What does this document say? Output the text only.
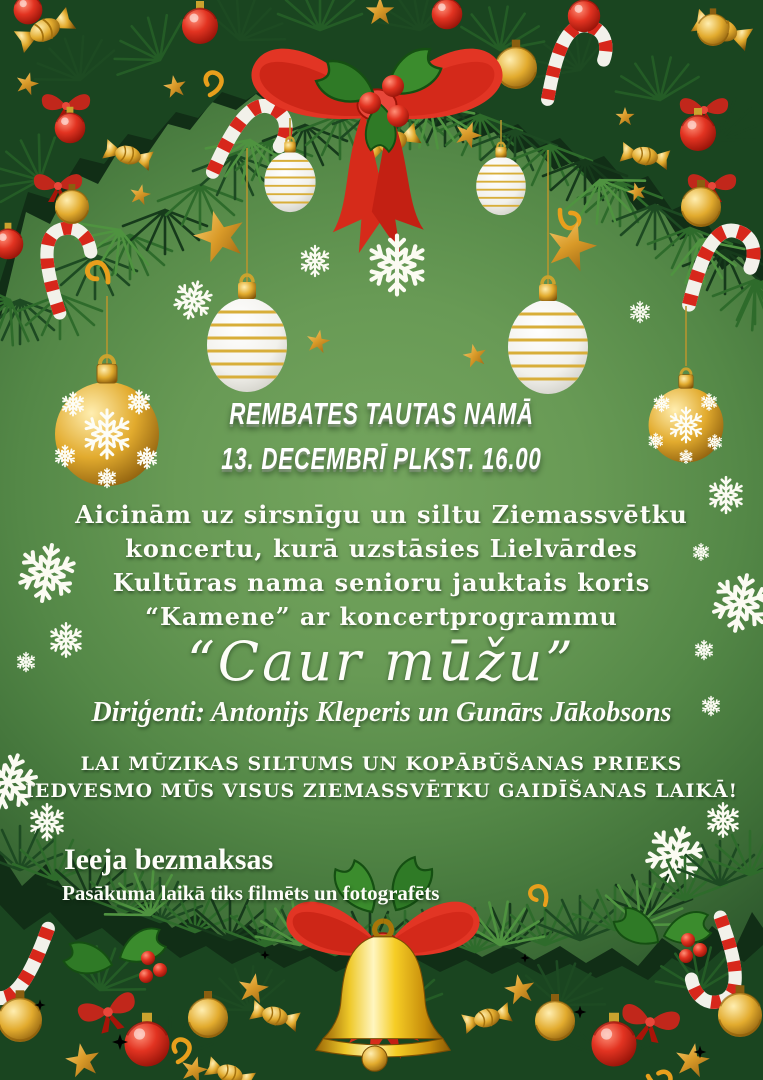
REMBATES TAUTAS NAMĀ
13. DECEMBRĪ PLKST. 16.00
Aicinām uz sirsnīgu un siltu Ziemassvētku
koncertu, kurā uzstāsies Lielvārdes
Kultūras nama senioru jauktais koris
“Kamene” ar koncertprogrammu
“Caur mūžu”
Diriģenti: Antonijs Kleperis un Gunārs Jākobsons
LAI MŪZIKAS SILTUMS UN KOPĀBŪŠANAS PRIEKS
IEDVESMO MŪS VISUS ZIEMASSVĒTKU GAIDĪŠANAS LAIKĀ!
Ieeja bezmaksas
Pasākuma laikā tiks filmēts un fotografēts
